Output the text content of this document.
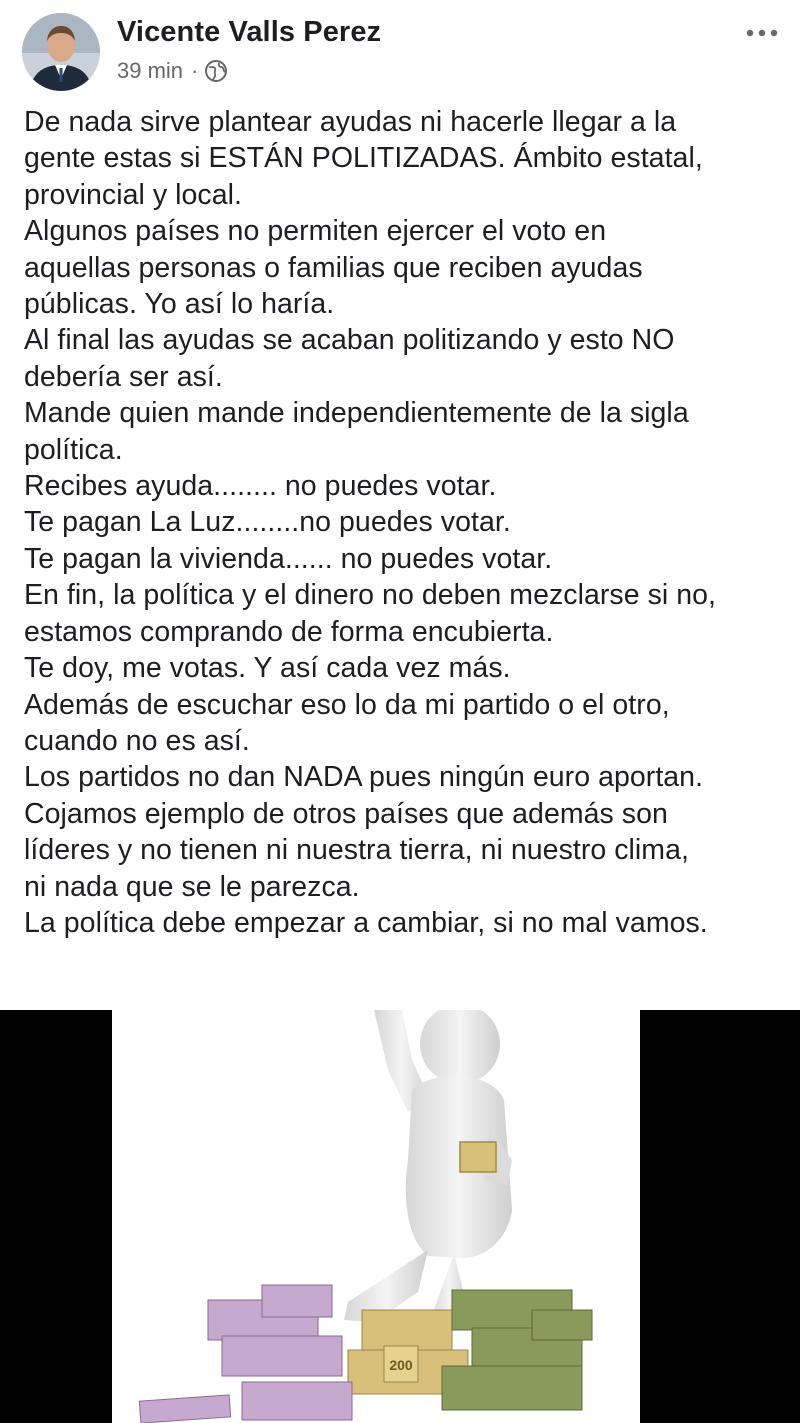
Vicente Valls Perez
39 min ·
De nada sirve plantear ayudas ni hacerle llegar a la
gente estas si ESTÁN POLITIZADAS. Ámbito estatal,
provincial y local.
Algunos países no permiten ejercer el voto en
aquellas personas o familias que reciben ayudas
públicas. Yo así lo haría.
Al final las ayudas se acaban politizando y esto NO
debería ser así.
Mande quien mande independientemente de la sigla
política.
Recibes ayuda........ no puedes votar.
Te pagan La Luz........no puedes votar.
Te pagan la vivienda...... no puedes votar.
En fin, la política y el dinero no deben mezclarse si no,
estamos comprando de forma encubierta.
Te doy, me votas. Y así cada vez más.
Además de escuchar eso lo da mi partido o el otro,
cuando no es así.
Los partidos no dan NADA pues ningún euro aportan.
Cojamos ejemplo de otros países que además son
líderes y no tienen ni nuestra tierra, ni nuestro clima,
ni nada que se le parezca.
La política debe empezar a cambiar, si no mal vamos.
200
